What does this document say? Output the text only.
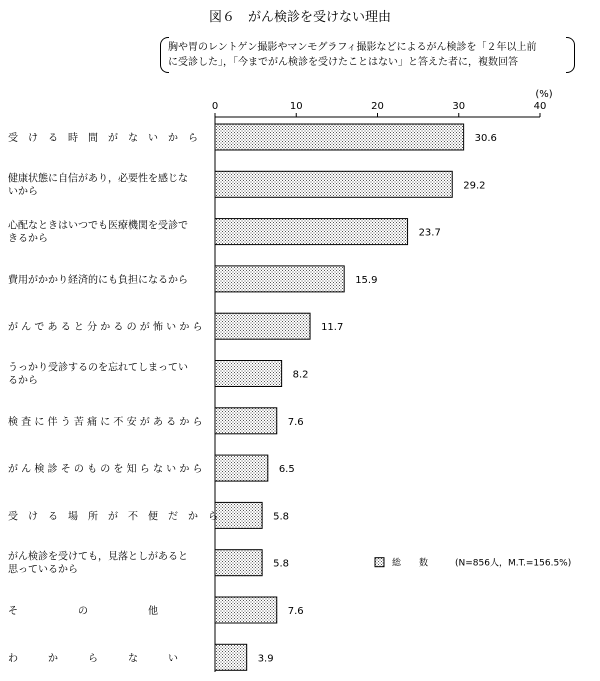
図６　がん検診を受けない理由
胸や胃のレントゲン撮影やマンモグラフィ撮影などによるがん検診を「２年以上前
に受診した」，「今までがん検診を受けたことはない」と答えた者に，複数回答
0	10	20	30	40
(%)
30.6
受　け　る　時　間　が　な　い　か　ら
29.2
健康状態に自信があり，必要性を感じな
いから
23.7
心配なときはいつでも医療機関を受診で
きるから
15.9
費用がかかり経済的にも負担になるから
11.7
が ん で あ る と 分 か る の が 怖 い か ら
8.2
うっかり受診するのを忘れてしまってい
るから
7.6
検 査 に 伴 う 苦 痛 に 不 安 が あ る か ら
6.5
が ん 検 診 そ の も の を 知 ら な い か ら
5.8
受　け　る　場　所　が　不　便　だ　か　ら
5.8
がん検診を受けても，見落としがあると
思っているから
7.6
そ　　　　　　の　　　　　　他
3.9
わ　　　か　　　ら　　　な　　　い
総　　数	(N=856人，M.T.=156.5%)
